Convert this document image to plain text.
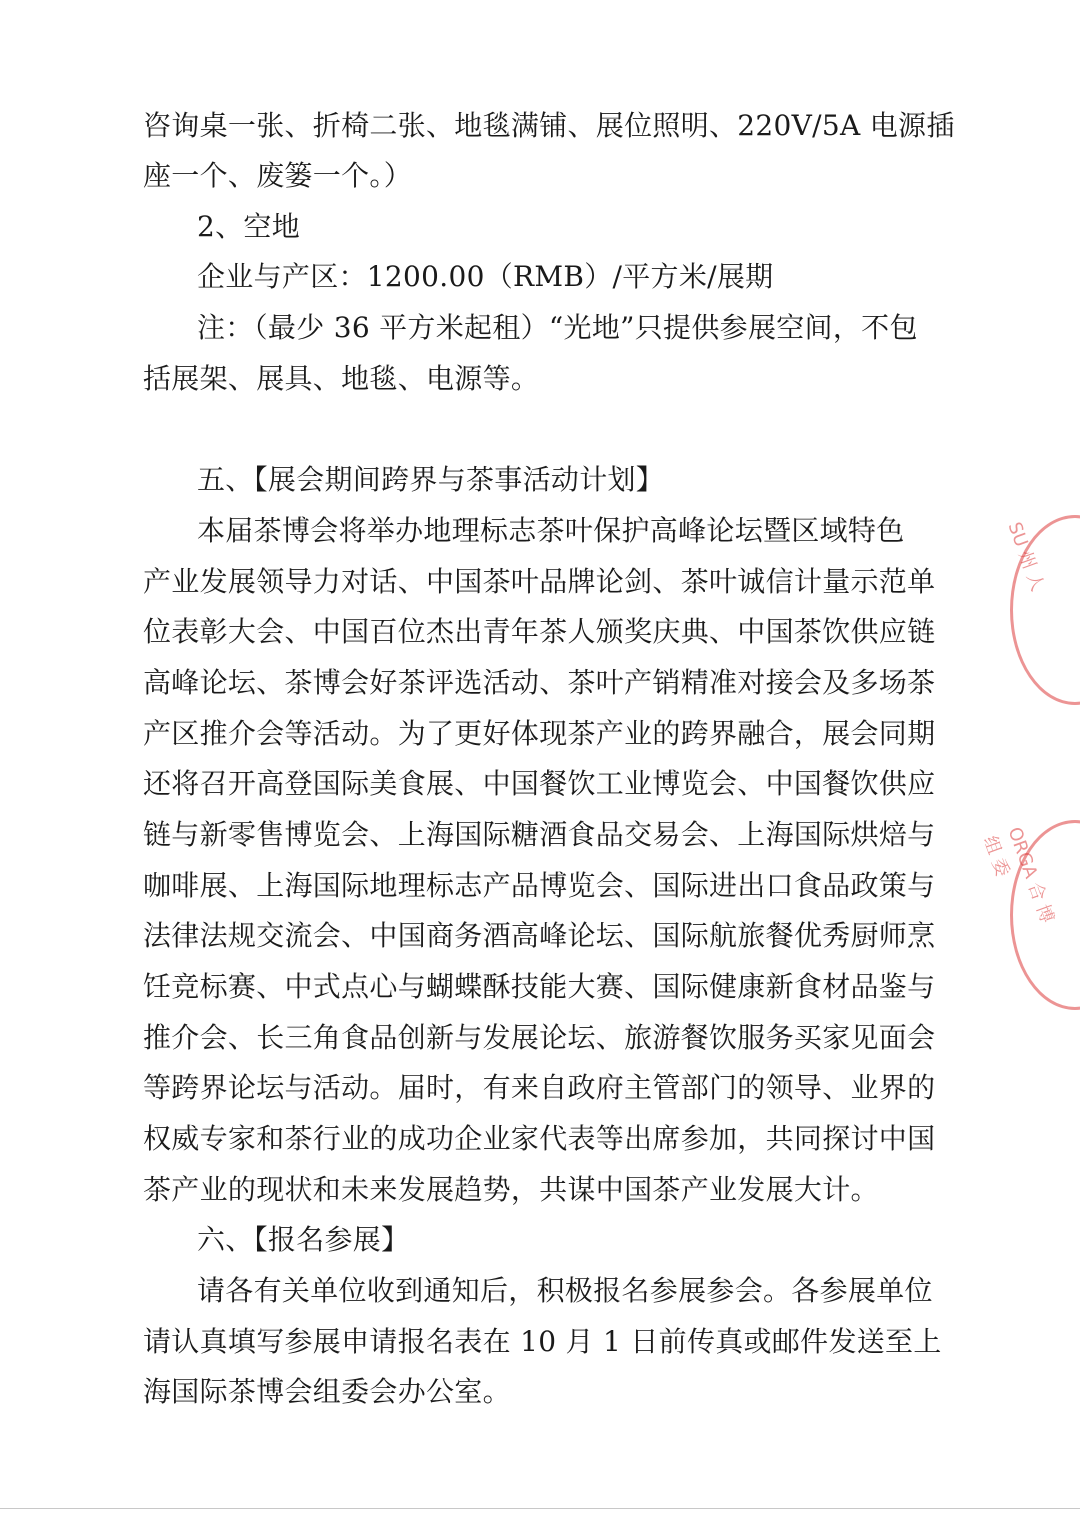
咨询桌一张、折椅二张、地毯满铺、展位照明、220V/5A 电源插
座一个、废篓一个。）
2、空地
企业与产区：1200.00（RMB）/平方米/展期
注：（最少 36 平方米起租）“光地”只提供参展空间，不包
括展架、展具、地毯、电源等。
五、【展会期间跨界与茶事活动计划】
本届茶博会将举办地理标志茶叶保护高峰论坛暨区域特色
产业发展领导力对话、中国茶叶品牌论剑、茶叶诚信计量示范单
位表彰大会、中国百位杰出青年茶人颁奖庆典、中国茶饮供应链
高峰论坛、茶博会好茶评选活动、茶叶产销精准对接会及多场茶
产区推介会等活动。为了更好体现茶产业的跨界融合，展会同期
还将召开高登国际美食展、中国餐饮工业博览会、中国餐饮供应
链与新零售博览会、上海国际糖酒食品交易会、上海国际烘焙与
咖啡展、上海国际地理标志产品博览会、国际进出口食品政策与
法律法规交流会、中国商务酒高峰论坛、国际航旅餐优秀厨师烹
饪竞标赛、中式点心与蝴蝶酥技能大赛、国际健康新食材品鉴与
推介会、长三角食品创新与发展论坛、旅游餐饮服务买家见面会
等跨界论坛与活动。届时，有来自政府主管部门的领导、业界的
权威专家和茶行业的成功企业家代表等出席参加，共同探讨中国
茶产业的现状和未来发展趋势，共谋中国茶产业发展大计。
六、【报名参展】
请各有关单位收到通知后，积极报名参展参会。各参展单位
请认真填写参展申请报名表在 10 月 1 日前传真或邮件发送至上
海国际茶博会组委会办公室。
SU 州 人
ORGA 合 博 组 委
